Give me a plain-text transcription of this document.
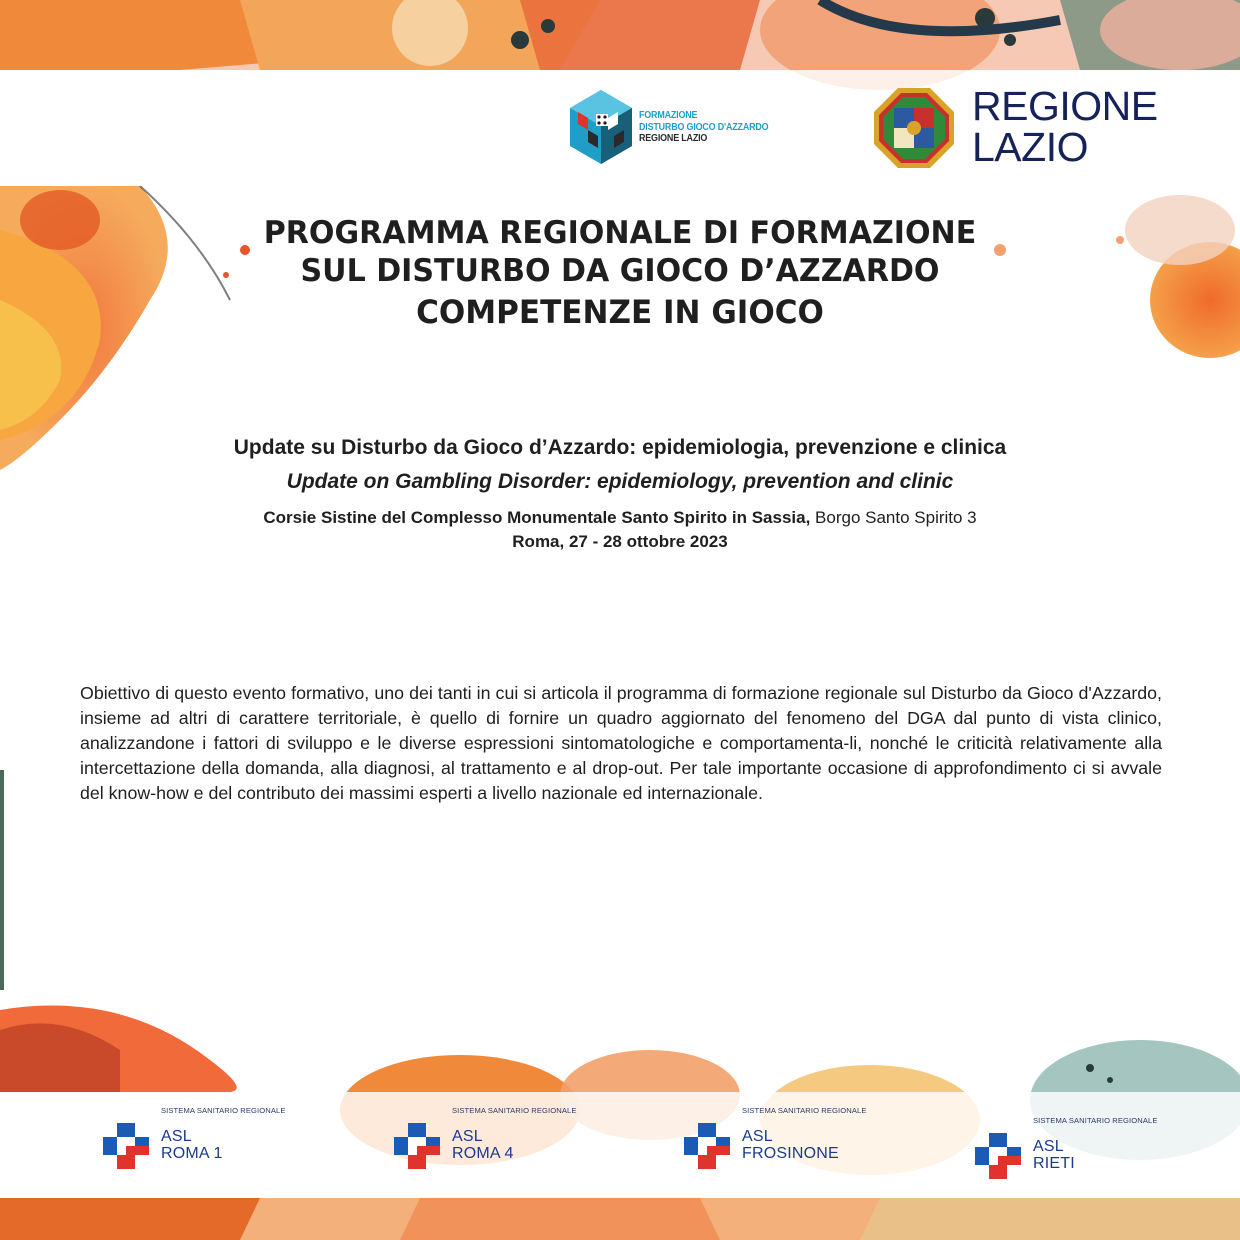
FORMAZIONE
DISTURBO GIOCO D'AZZARDO
REGIONE LAZIO
REGIONE
LAZIO
PROGRAMMA REGIONALE DI FORMAZIONE
SUL DISTURBO DA GIOCO D’AZZARDO
COMPETENZE IN GIOCO
Update su Disturbo da Gioco d’Azzardo: epidemiologia, prevenzione e clinica
Update on Gambling Disorder: epidemiology, prevention and clinic
Corsie Sistine del Complesso Monumentale Santo Spirito in Sassia, Borgo Santo Spirito 3
Roma, 27 - 28 ottobre 2023
Obiettivo di questo evento formativo, uno dei tanti in cui si articola il programma di formazione regionale sul Disturbo da Gioco d'Azzardo, insieme ad altri di carattere territoriale, è quello di fornire un quadro aggiornato del fenomeno del DGA dal punto di vista clinico, analizzandone i fattori di sviluppo e le diverse espressioni sintomatologiche e comportamenta-li, nonché le criticità relativamente alla intercettazione della domanda, alla diagnosi, al trattamento e al drop-out. Per tale importante occasione di approfondimento ci si avvale del know-how e del contributo dei massimi esperti a livello nazionale ed internazionale.
SISTEMA SANITARIO REGIONALE
ASL
ROMA 1
SISTEMA SANITARIO REGIONALE
ASL
ROMA 4
SISTEMA SANITARIO REGIONALE
ASL
FROSINONE
SISTEMA SANITARIO REGIONALE
ASL
RIETI
